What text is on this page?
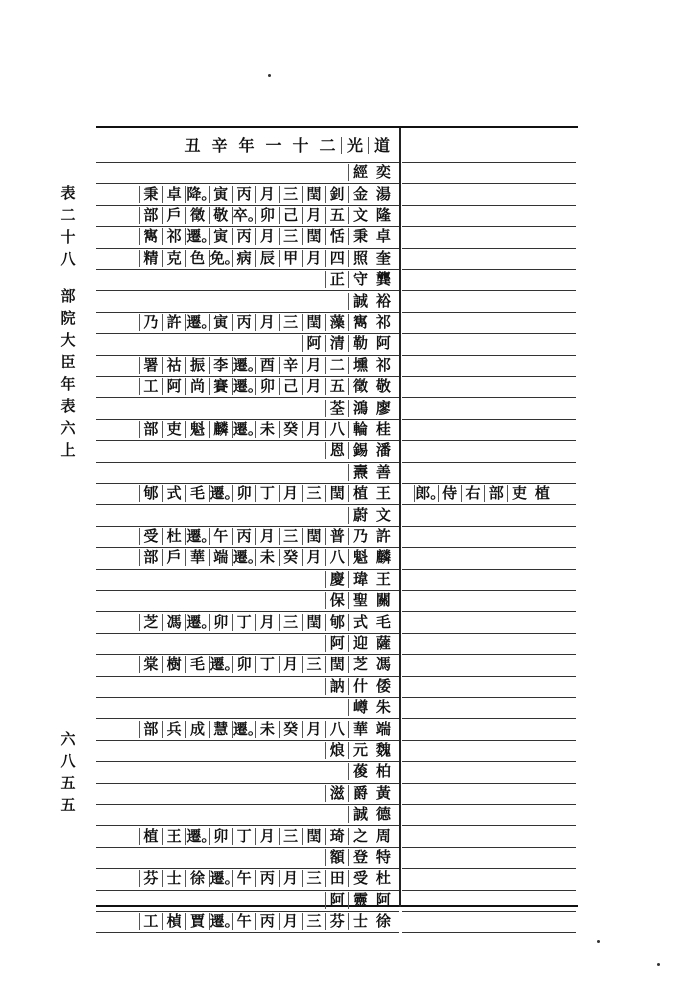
表
二
十
八
部
院
大
臣
年
表
六
上
六
八
五
五
道
光
二
十
一
年
辛
丑
奕
經
湯
金
釗
閏
三
月
丙
寅
降。
卓
秉
隆
文
五
月
己
卯
卒。
敬
徵
戶
部
卓
秉
恬
閏
三
月
丙
寅
遷。
祁
寯
奎
照
四
月
甲
辰
病
免。
色
克
精
龔
守
正
裕
誠
祁
寯
藻
閏
三
月
丙
寅
遷。
許
乃
阿
勒
清
阿
祁
壎
二
月
辛
酉
遷。
李
振
祜
署
敬
徵
五
月
己
卯
遷。
賽
尚
阿
工
廖
鴻
荃
桂
輪
八
月
癸
未
遷。
麟
魁
吏
部
潘
錫
恩
善
燾
王
植
閏
三
月
丁
卯
遷。
毛
式
郇	植
吏
部
右
侍
郎。
文
蔚
許
乃
普
閏
三
月
丙
午
遷。
杜
受
麟
魁
八
月
癸
未
遷。
端
華
戶
部
王
瑋
慶
關
聖
保
毛
式
郇
閏
三
月
丁
卯
遷。
馮
芝
薩
迎
阿
馮
芝
閏
三
月
丁
卯
遷。
毛
樹
棠
倭
什
訥
朱
嶟
端
華
八
月
癸
未
遷。
慧
成
兵
部
魏
元
烺
柏
葰
黃
爵
滋
德
誠
周
之
琦
閏
三
月
丁
卯
遷。
王
植
特
登
額
杜
受
田
三
月
丙
午
遷。
徐
士
芬
阿
靈
阿
徐
士
芬
三
月
丙
午
遷。
賈
楨
工
